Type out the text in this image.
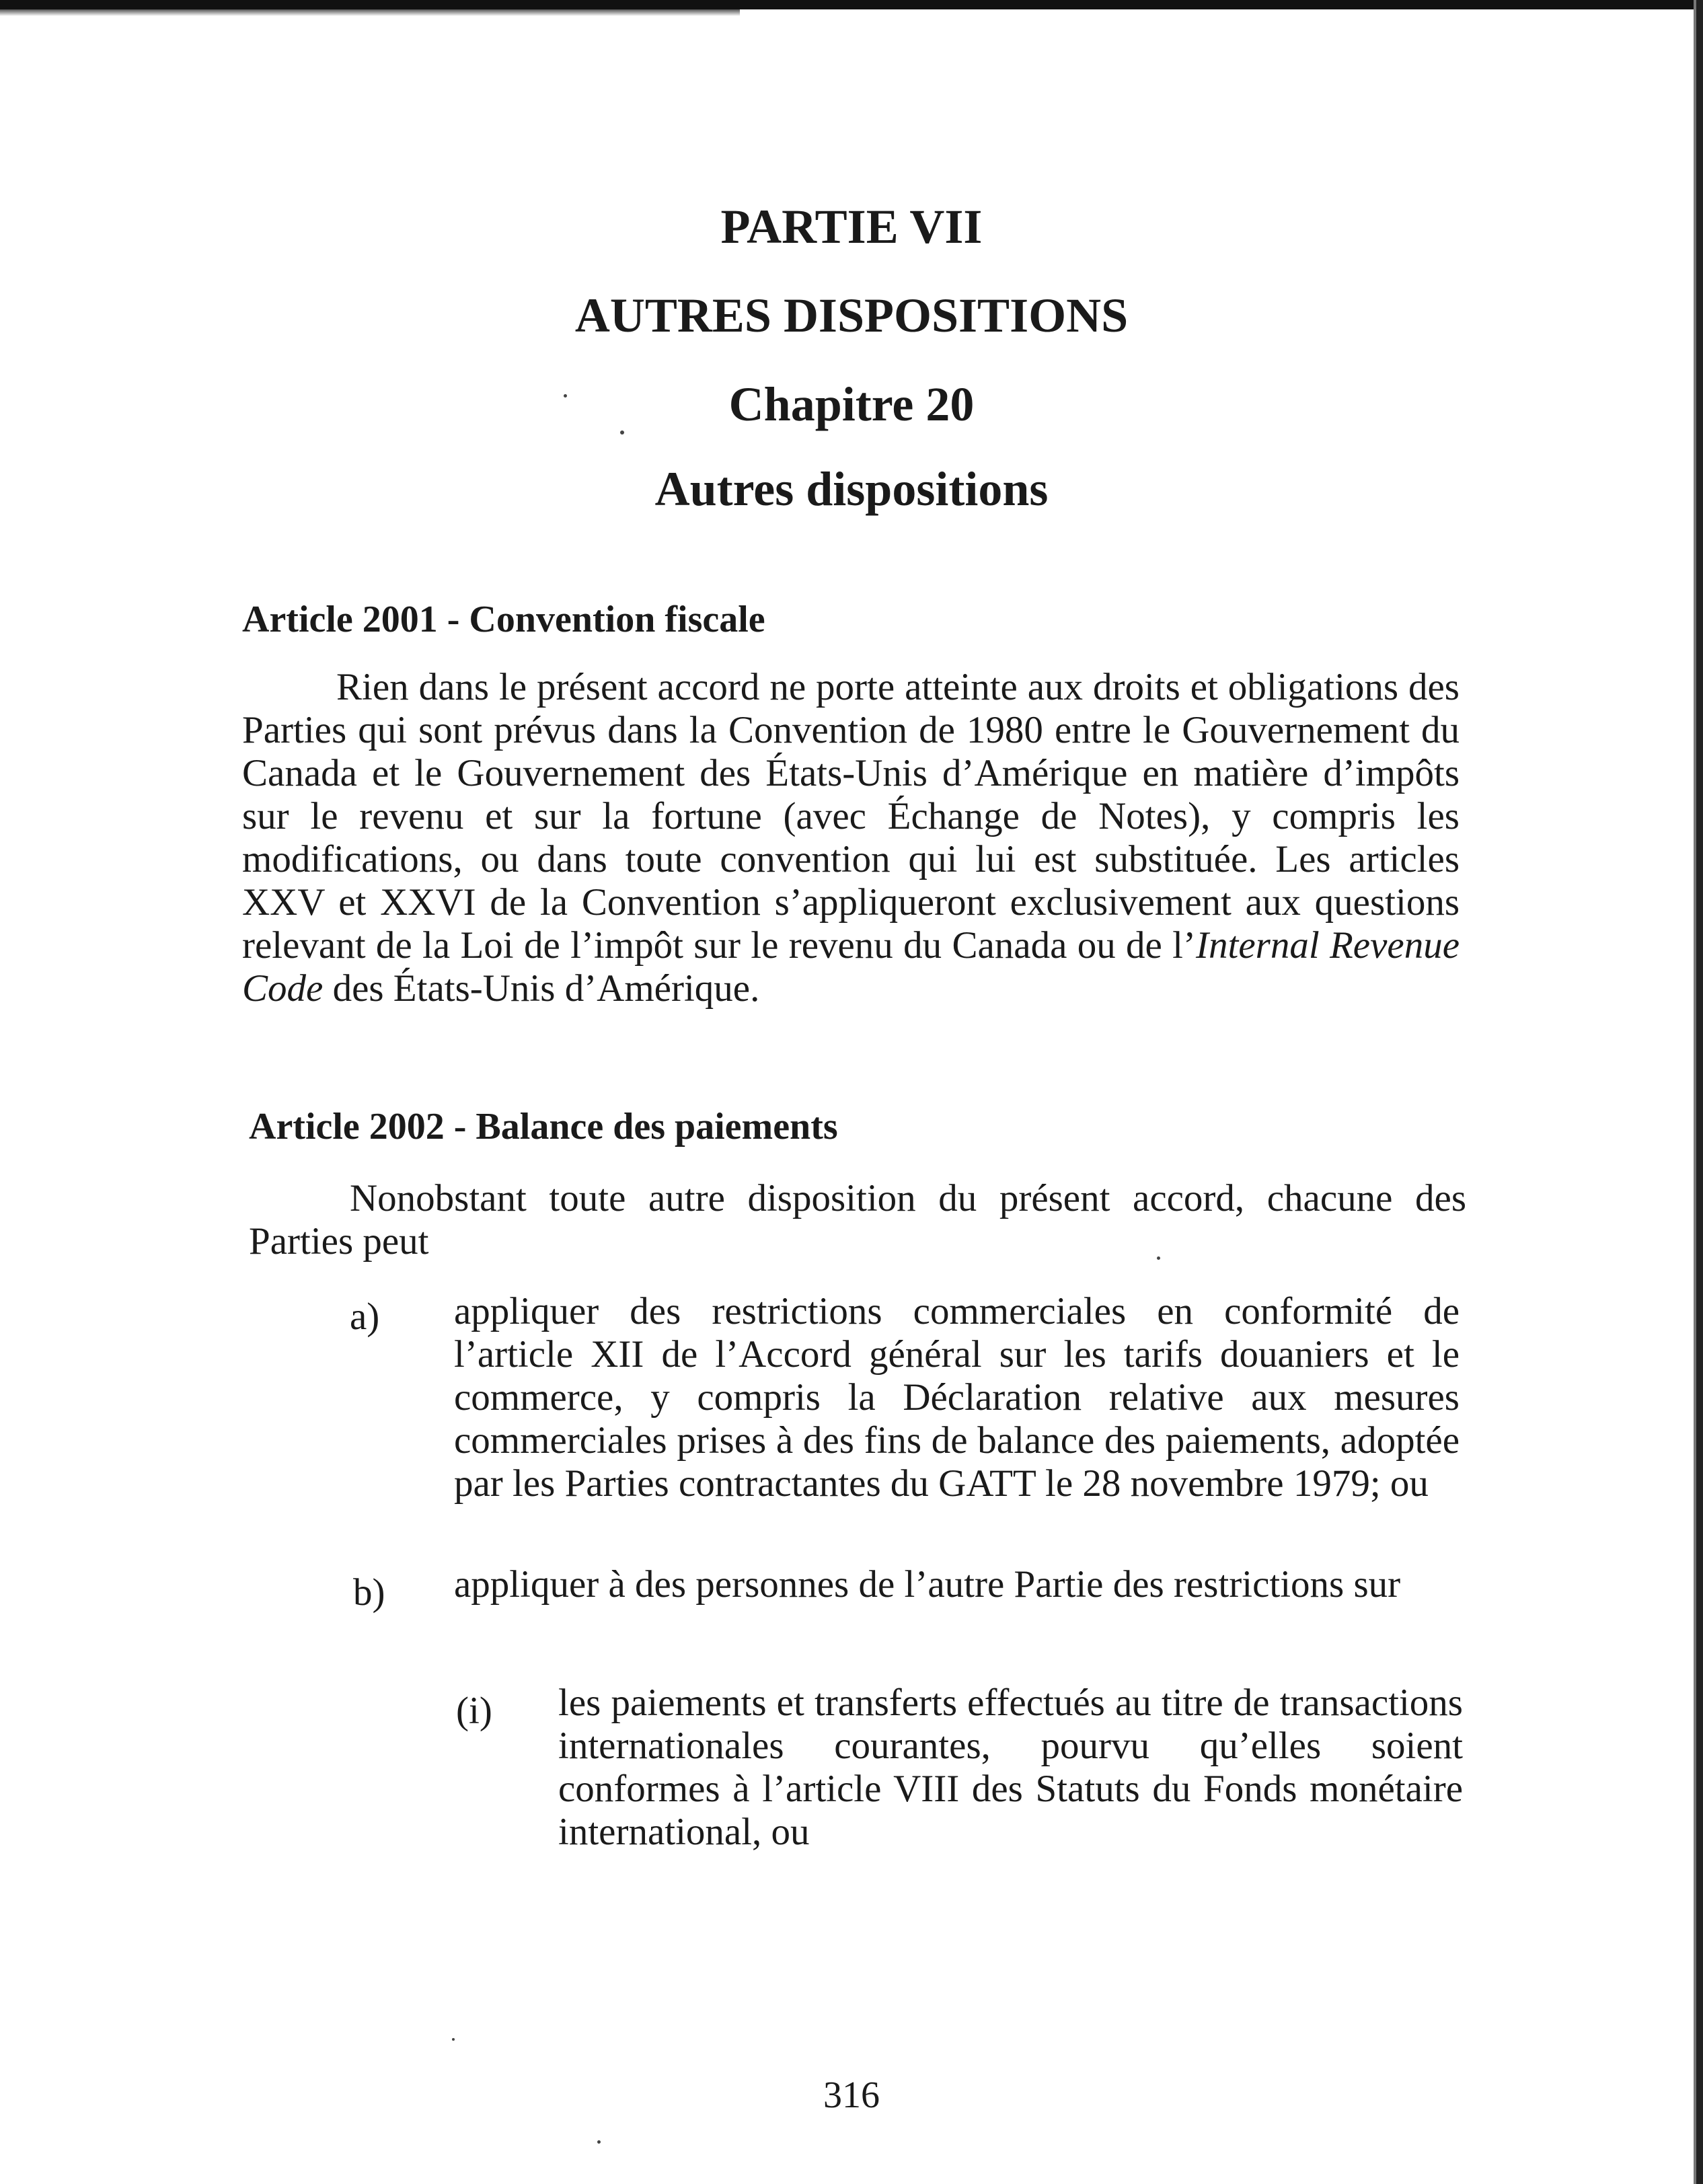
PARTIE VII
AUTRES DISPOSITIONS
Chapitre 20
Autres dispositions
Article 2001 - Convention fiscale

Rien dans le présent accord ne porte atteinte aux droits et obligations des Parties qui sont prévus dans la Convention de 1980 entre le Gouvernement du Canada et le Gouvernement des États-Unis d’Amérique en matière d’impôts sur le revenu et sur la fortune (avec Échange de Notes), y compris les modifications, ou dans toute convention qui lui est substituée. Les articles XXV et XXVI de la Convention s’appliqueront exclusivement aux questions relevant de la Loi de l’impôt sur le revenu du Canada ou de l’Internal Revenue Code des États-Unis d’Amérique.

Article 2002 - Balance des paiements

Nonobstant toute autre disposition du présent accord, chacune des Parties peut

a) appliquer des restrictions commerciales en conformité de l’article XII de l’Accord général sur les tarifs douaniers et le commerce, y compris la Déclaration relative aux mesures commerciales prises à des fins de balance des paiements, adoptée par les Parties contractantes du GATT le 28 novembre 1979; ou

b) appliquer à des personnes de l’autre Partie des restrictions sur

(i) les paiements et transferts effectués au titre de transactions internationales courantes, pourvu qu’elles soient conformes à l’article VIII des Statuts du Fonds monétaire international, ou

316
